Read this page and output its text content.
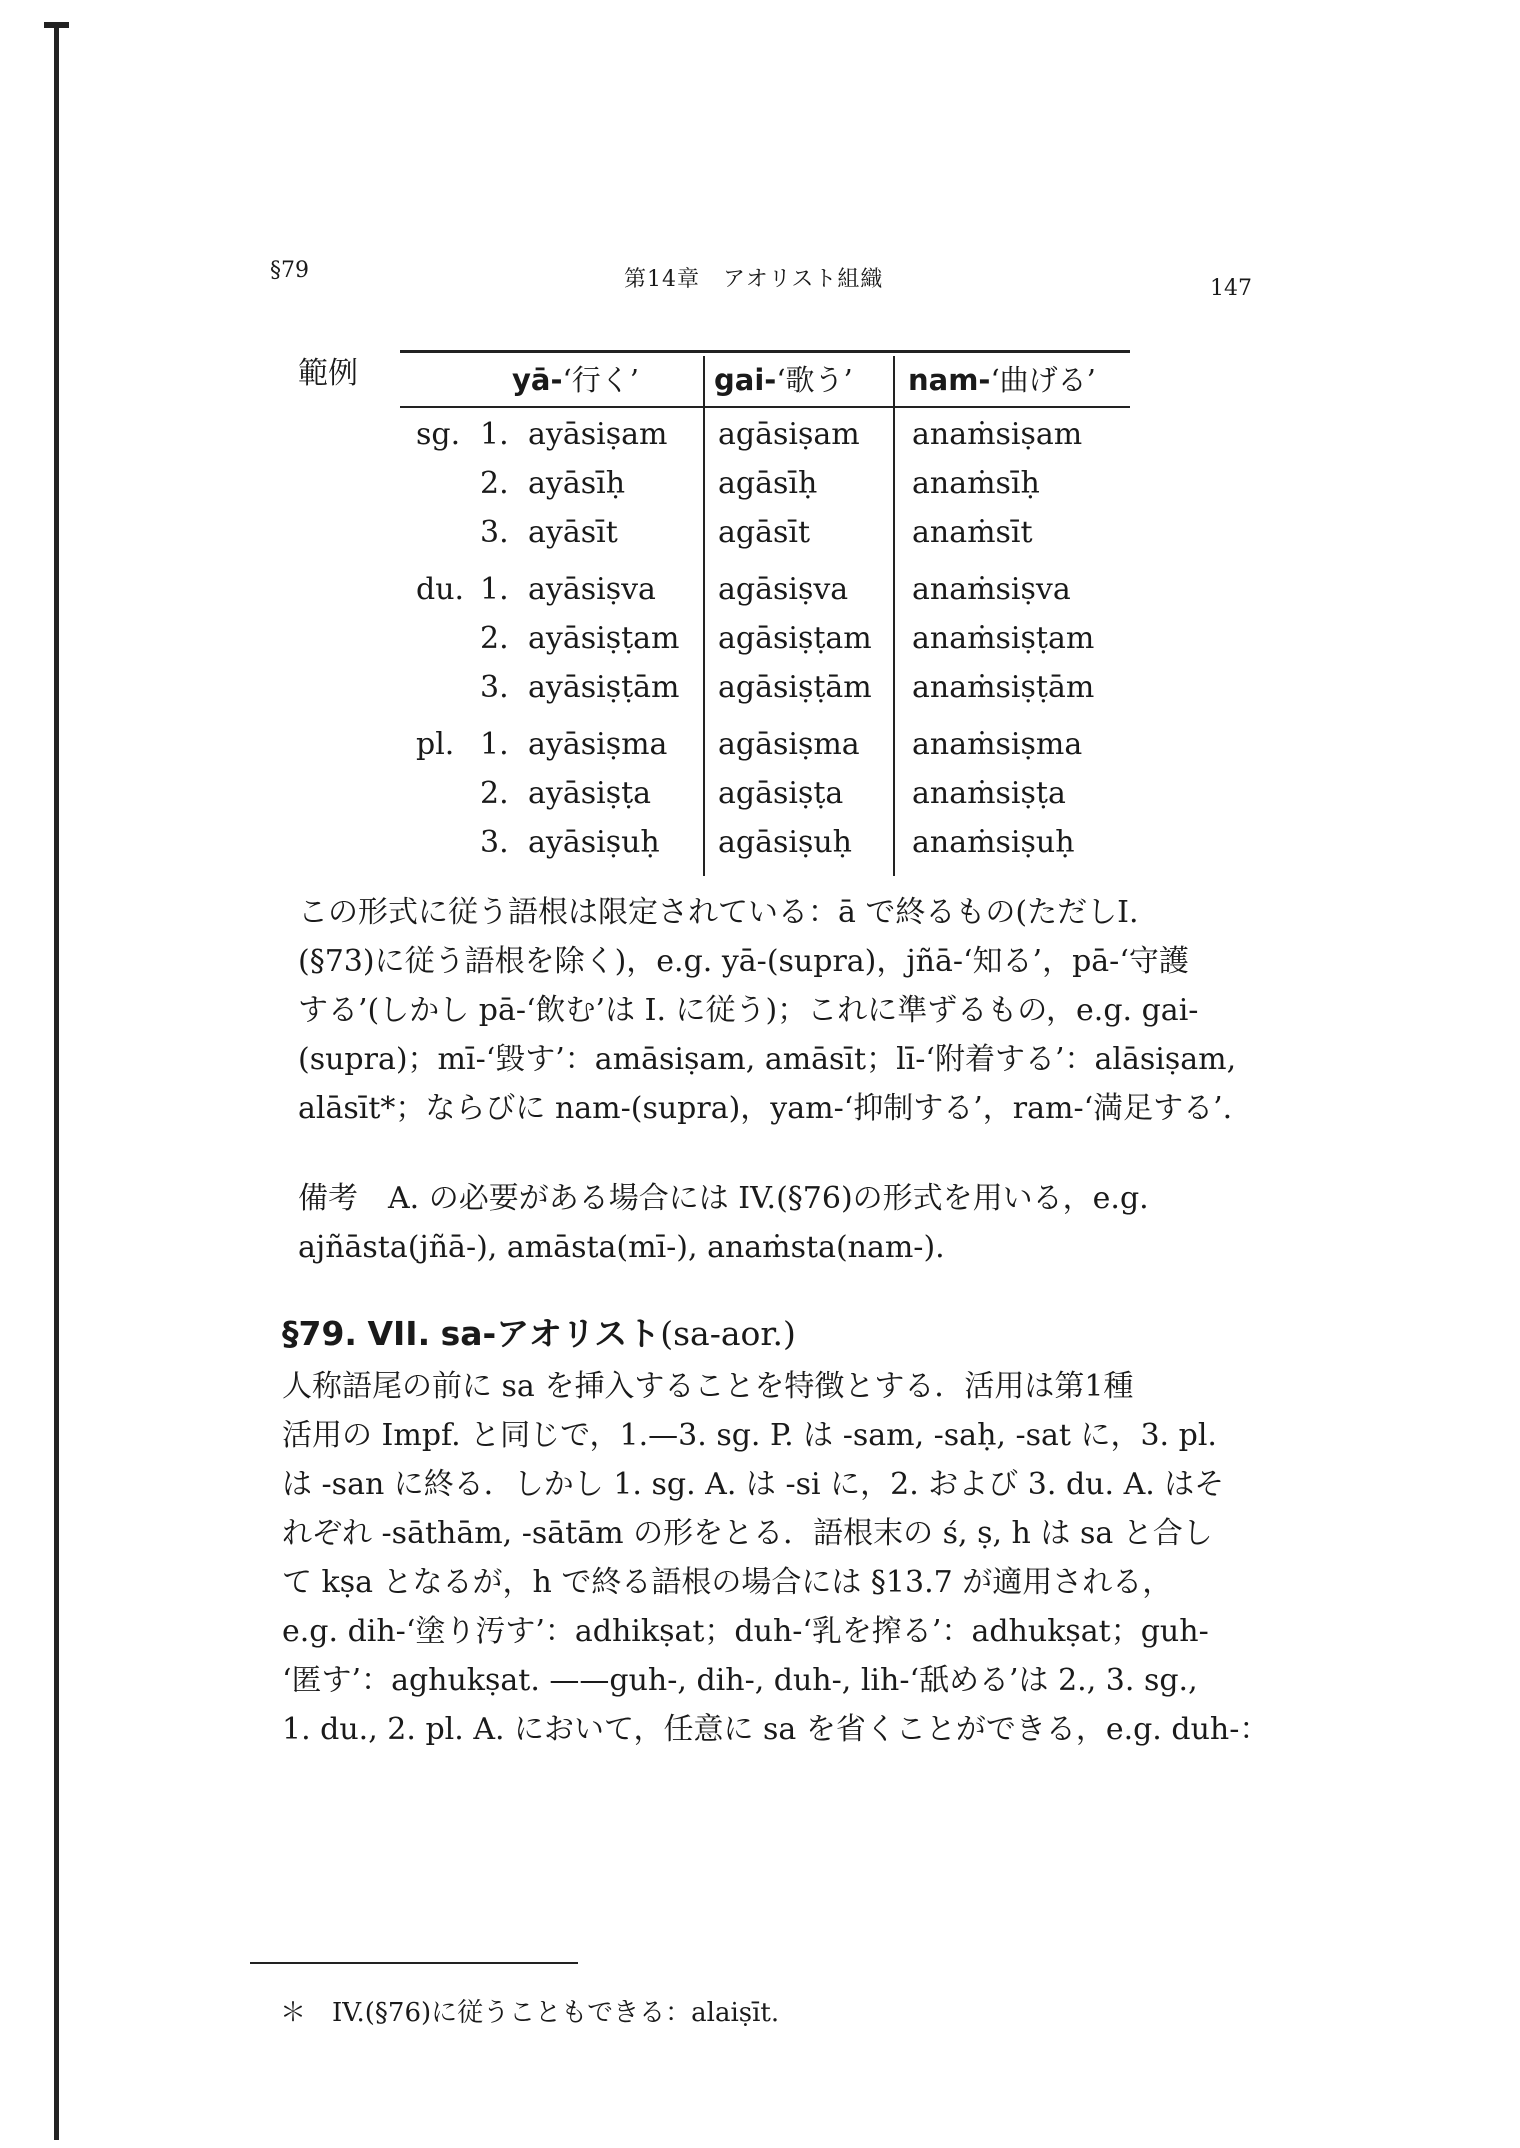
§79	第14章　アオリスト組織	147
範例	yā-‘行く’	gai-‘歌う’ nam-‘曲げる’
sg. 1. ayāsiṣam agāsiṣam anaṁsiṣam
2. ayāsīḥ	agāsīḥ	anaṁsīḥ
3. ayāsīt	agāsīt	anaṁsīt
du. 1. ayāsiṣva agāsiṣva anaṁsiṣva
2. ayāsiṣṭam agāsiṣṭam anaṁsiṣṭam
3. ayāsiṣṭām agāsiṣṭām anaṁsiṣṭām
pl. 1. ayāsiṣma agāsiṣma anaṁsiṣma
2. ayāsiṣṭa agāsiṣṭa anaṁsiṣṭa
3. ayāsiṣuḥ agāsiṣuḥ anaṁsiṣuḥ
この形式に従う語根は限定されている：ā で終るもの(ただしI.
(§73)に従う語根を除く)，e.g. yā-(supra)，jñā-‘知る’，pā-‘守護
する’(しかし pā-‘飲む’は I. に従う)；これに準ずるもの，e.g. gai-
(supra)；mī-‘毀す’：amāsiṣam, amāsīt；lī-‘附着する’：alāsiṣam,
alāsīt*；ならびに nam-(supra)，yam-‘抑制する’，ram-‘満足する’.
備考　A. の必要がある場合には IV.(§76)の形式を用いる，e.g.
ajñāsta(jñā-), amāsta(mī-), anaṁsta(nam-).
§79. VII. sa-アオリスト(sa-aor.)
人称語尾の前に sa を挿入することを特徴とする．活用は第1種
活用の Impf. と同じで，1.—3. sg. P. は -sam, -saḥ, -sat に，3. pl.
は -san に終る．しかし 1. sg. A. は -si に，2. および 3. du. A. はそ
れぞれ -sāthām, -sātām の形をとる．語根末の ś, ṣ, h は sa と合し
て kṣa となるが，h で終る語根の場合には §13.7 が適用される，
e.g. dih-‘塗り汚す’：adhikṣat；duh-‘乳を搾る’：adhukṣat；guh-
‘匿す’：aghukṣat. ——guh-, dih-, duh-, lih-‘舐める’は 2., 3. sg.,
1. du., 2. pl. A. において，任意に sa を省くことができる，e.g. duh-：
＊　IV.(§76)に従うこともできる：alaiṣīt.
